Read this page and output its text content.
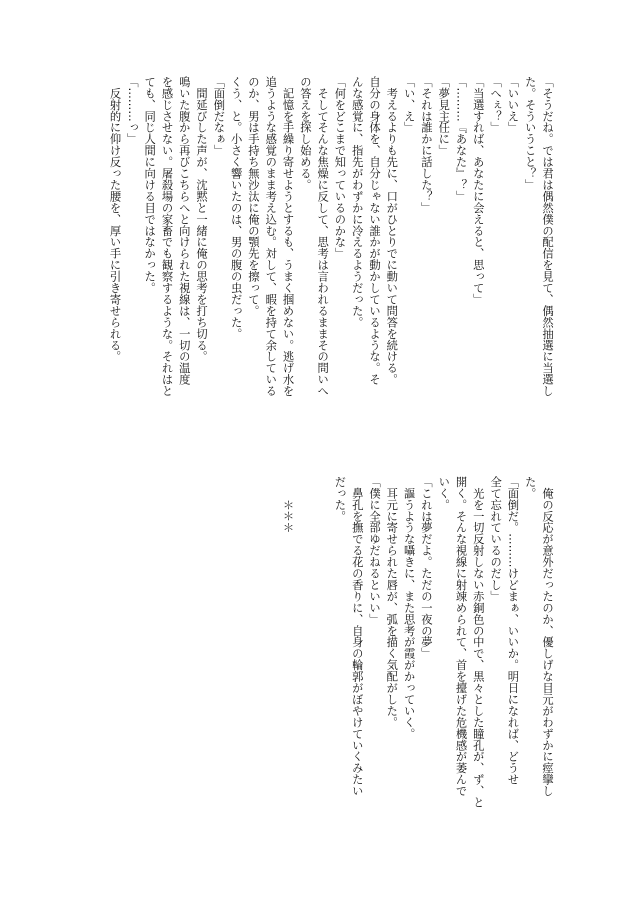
「そうだね。では君は偶然僕の配信を見て、偶然抽選に当選し
た。そういうこと？」
「いいえ」
「へぇ？」
「当選すれば、あなたに会えると、思って」
「………『あなた』？」
「夢見主任に」
「それは誰かに話した？」
「い、え」
　考えるよりも先に、口がひとりでに動いて問答を続ける。
自分の身体を、自分じゃない誰かが動かしているような。そ
んな感覚に、指先がわずかに冷えるようだった。
「何をどこまで知っているのかな」
　そしてそんな焦燥に反して、思考は言われるままその問いへ
の答えを探し始める。
　記憶を手繰り寄せようとするも、うまく掴めない。逃げ水を
追うような感覚のまま考え込む。対して、暇を持て余している
のか、男は手持ち無沙汰に俺の顎先を擦って。
くう、と。小さく響いたのは、男の腹の虫だった。
「面倒だなぁ」
　間延びした声が、沈黙と一緒に俺の思考を打ち切る。
鳴いた腹から再びこちらへと向けられた視線は、一切の温度
を感じさせない。屠殺場の家畜でも観察するような。それはと
ても、同じ人間に向ける目ではなかった。
「………っ」
　反射的に仰け反った腰を、厚い手に引き寄せられる。
　俺の反応が意外だったのか、優しげな目元がわずかに痙攣し
た。
「面倒だ。………けどまぁ、いいか。明日になれば、どうせ
全て忘れているのだし」
　光を一切反射しない赤銅色の中で、黒々とした瞳孔が、ず、と
開く。そんな視線に射竦められて、首を擡げた危機感が萎んで
いく。
「これは夢だよ。ただの一夜の夢」
　謳うような囁きに、また思考が霞がかっていく。
　耳元に寄せられた唇が、弧を描く気配がした。
「僕に全部ゆだねるといい」
　鼻孔を撫でる花の香りに、自身の輪郭がぼやけていくみたい
だった。

　　＊＊＊
